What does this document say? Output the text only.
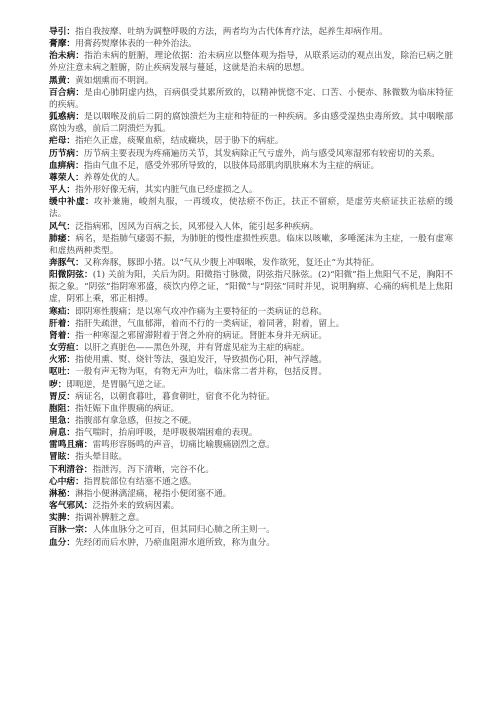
导引：指自我按摩、吐纳为调整呼吸的方法，两者均为古代体育疗法，起养生却病作用。

膏摩：用膏药熨摩体表的一种外治法。

治未病：指治未病的脏腑，理论依据：治未病应以整体观为指导，从联系运动的观点出发，除治已病之脏外应注意未病之脏腑，防止疾病发展与蔓延，这就是治未病的思想。

黑黄：黄如烟熏而不明润。

百合病：是由心肺阴虚内热，百病俱受其累所致的，以精神恍惚不定、口苦、小便赤、脉微数为临床特征的疾病。

狐惑病：是以咽喉及前后二阴的腐蚀溃烂为主症和特征的一种疾病。多由感受湿热虫毒所致。其中咽喉部腐蚀为惑，前后二阴溃烂为狐。

疟母：指疟久正虚，痰聚血瘀，结成癥块，居于胁下的病症。

历节病：历节病主要表现为疼痛遍历关节，其发病除正气亏虚外，尚与感受风寒湿邪有较密切的关系。

血痹病：指由气血不足，感受外邪所导致的，以肢体局部肌肉肌肤麻木为主症的病证。

尊荣人：养尊处优的人。

平人：指外形好像无病，其实内脏气血已经虚损之人。

缓中补虚：攻补兼施，峻剂丸服，一再缓攻，使祛瘀不伤正，扶正不留瘀，是虚劳夹瘀证扶正祛瘀的缓法。

风气：泛指病邪，因风为百病之长，风邪侵入人体，能引起多种疾病。

肺痿：病名，是指肺气痿弱不振，为肺脏的慢性虚损性疾患。临床以咳嗽，多唾涎沫为主症，一般有虚寒和虚热两种类型。

奔豚气：又称奔豚，豚即小猪。以“气从少腹上冲咽喉，发作欲死，复还止”为其特征。

阳微阴弦：(1) 关前为阳，关后为阴。阳微指寸脉微，阴弦指尺脉弦。(2)“阳微”指上焦阳气不足，胸阳不振之象。“阴弦”指阴寒邪盛，痰饮内停之证，“阳微”与“阴弦”同时并见，说明胸痹、心痛的病机是上焦阳虚，阴邪上乘，邪正相搏。

寒疝：即阴寒性腹痛；是以寒气攻冲作痛为主要特征的一类病证的总称。

肝着：指肝失疏泄，气血郁滞，着而不行的一类病证，着同著，附着，留上。

肾着：指一种寒湿之邪留滞附着于肾之外府的病证。肾脏本身并无病证。

女劳疸：以肝之真脏色——黑色外现，并有肾虚见症为主症的病症。

火邪：指使用熏、熨、烧针等法，强迫发汗，导致损伤心阳，神气浮越。

呕吐：一般有声无物为呕，有物无声为吐，临床常二者并称，包括反胃。

哕：即呃逆，是胃膈气逆之证。

胃反：病证名，以朝食暮吐，暮食朝吐，宿食不化为特征。

胞阻：指妊娠下血伴腹痛的病证。

里急：指腹部有拿急感，但按之不硬。

肩息：指气喘时，抬肩呼吸，是呼吸极端困难的表现。

雷鸣且痛：雷鸣形容肠鸣的声音，切痛比喻腹痛剧烈之意。

冒眩：指头晕目眩。

下利清谷：指泄泻，泻下清晰，完谷不化。

心中痞：指胃脘部位有结塞不通之感。

淋秘：淋指小便淋漓涩痛，秘指小便闭塞不通。

客气邪风：泛指外来的致病因素。

实脾：指调补脾脏之意。

百脉一宗：人体血脉分之可百，但其同归心肺之所主则一。

血分：先经闭而后水肿，乃瘀血阻滞水道所致，称为血分。
